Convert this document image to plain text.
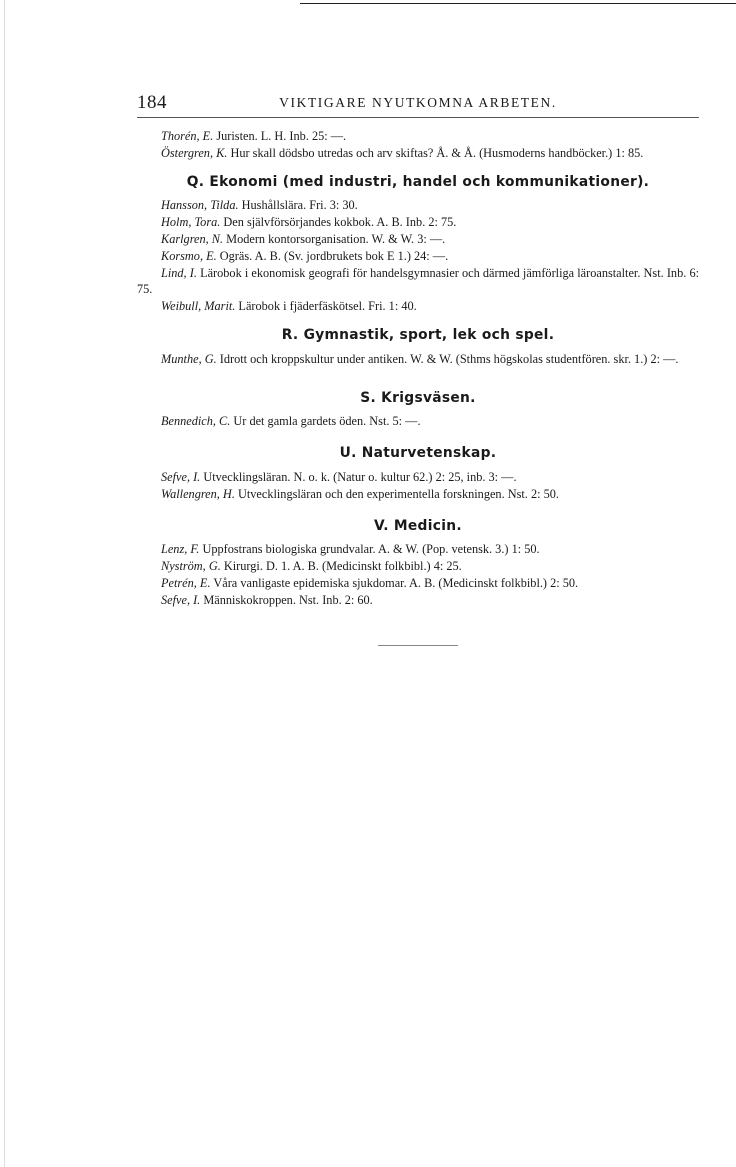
184	VIKTIGARE NYUTKOMNA ARBETEN.

Thorén, E. Juristen. L. H. Inb. 25: —.

Östergren, K. Hur skall dödsbo utredas och arv skiftas? Å. & Å. (Husmoderns handböcker.) 1: 85.

Q. Ekonomi (med industri, handel och kommunikationer).

Hansson, Tilda. Hushållslära. Fri. 3: 30.

Holm, Tora. Den självförsörjandes kokbok. A. B. Inb. 2: 75.

Karlgren, N. Modern kontorsorganisation. W. & W. 3: —.

Korsmo, E. Ogräs. A. B. (Sv. jordbrukets bok E 1.) 24: —.

Lind, I. Lärobok i ekonomisk geografi för handelsgymnasier och därmed jämförliga läroanstalter. Nst. Inb. 6: 75.

Weibull, Marit. Lärobok i fjäderfäskötsel. Fri. 1: 40.

R. Gymnastik, sport, lek och spel.

Munthe, G. Idrott och kroppskultur under antiken. W. & W. (Sthms högskolas studentfören. skr. 1.) 2: —.

S. Krigsväsen.

Bennedich, C. Ur det gamla gardets öden. Nst. 5: —.

U. Naturvetenskap.

Sefve, I. Utvecklingsläran. N. o. k. (Natur o. kultur 62.) 2: 25, inb. 3: —.

Wallengren, H. Utvecklingsläran och den experimentella forskningen. Nst. 2: 50.

V. Medicin.

Lenz, F. Uppfostrans biologiska grundvalar. A. & W. (Pop. vetensk. 3.) 1: 50.

Nyström, G. Kirurgi. D. 1. A. B. (Medicinskt folkbibl.) 4: 25.

Petrén, E. Våra vanligaste epidemiska sjukdomar. A. B. (Medicinskt folkbibl.) 2: 50.

Sefve, I. Människokroppen. Nst. Inb. 2: 60.
